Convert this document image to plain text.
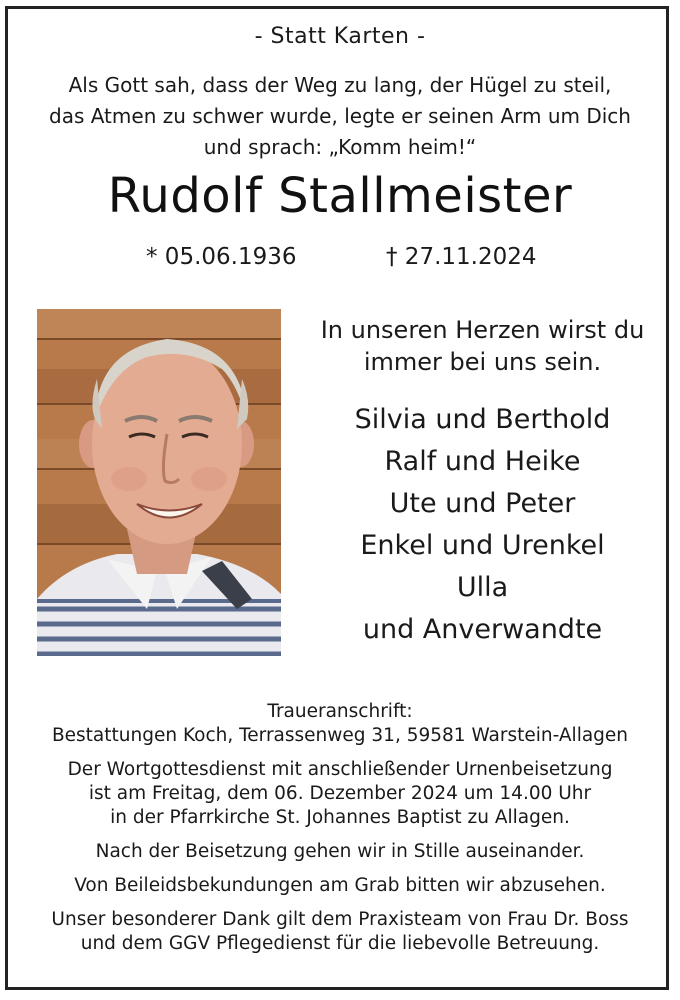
- Statt Karten -
Als Gott sah, dass der Weg zu lang, der Hügel zu steil,
das Atmen zu schwer wurde, legte er seinen Arm um Dich
und sprach: „Komm heim!“
Rudolf Stallmeister
* 05.06.1936	† 27.11.2024
In unseren Herzen wirst du
immer bei uns sein.
Silvia und Berthold
Ralf und Heike
Ute und Peter
Enkel und Urenkel
Ulla
und Anverwandte
Traueranschrift:
Bestattungen Koch, Terrassenweg 31, 59581 Warstein-Allagen
Der Wortgottesdienst mit anschließender Urnenbeisetzung
ist am Freitag, dem 06. Dezember 2024 um 14.00 Uhr
in der Pfarrkirche St. Johannes Baptist zu Allagen.
Nach der Beisetzung gehen wir in Stille auseinander.
Von Beileidsbekundungen am Grab bitten wir abzusehen.
Unser besonderer Dank gilt dem Praxisteam von Frau Dr. Boss
und dem GGV Pflegedienst für die liebevolle Betreuung.
